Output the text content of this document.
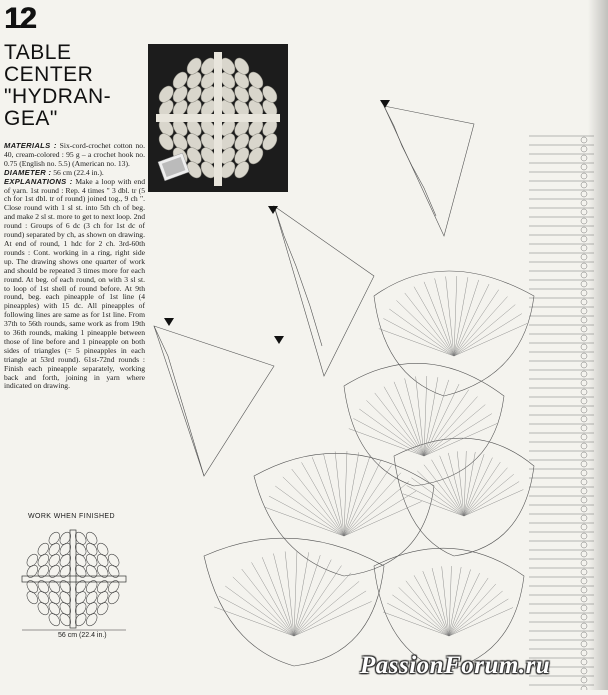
12
TABLE
CENTER
"HYDRAN-
GEA"

MATERIALS : Six-cord-crochet cotton no. 40, cream-colored : 95 g – a crochet hook no. 0.75 (English no. 5.5) (American no. 13).

DIAMETER : 56 cm (22.4 in.).

EXPLANATIONS : Make a loop with end of yarn. 1st round : Rep. 4 times " 3 dbl. tr (5 ch for 1st dbl. tr of round) joined tog., 9 ch ". Close round with 1 sl st. into 5th ch of beg. and make 2 sl st. more to get to next loop. 2nd round : Groups of 6 dc (3 ch for 1st dc of round) separated by ch, as shown on drawing. At end of round, 1 hdc for 2 ch. 3rd-60th rounds : Cont. working in a ring, right side up. The drawing shows one quarter of work and should be repeated 3 times more for each round. At beg. of each round, on with 3 sl st. to loop of 1st shell of round before. At 9th round, beg. each pineapple of 1st line (4 pineapples) with 15 dc. All pineapples of following lines are same as for 1st line. From 37th to 56th rounds, same work as from 19th to 36th rounds, making 1 pineapple between those of line before and 1 pineapple on both sides of triangles (= 5 pineapples in each triangle at 53rd round). 61st-72nd rounds : Finish each pineapple separately, working back and forth, joining in yarn where indicated on drawing.

WORK WHEN FINISHED
56 cm (22.4 in.)
PassionForum.ru
